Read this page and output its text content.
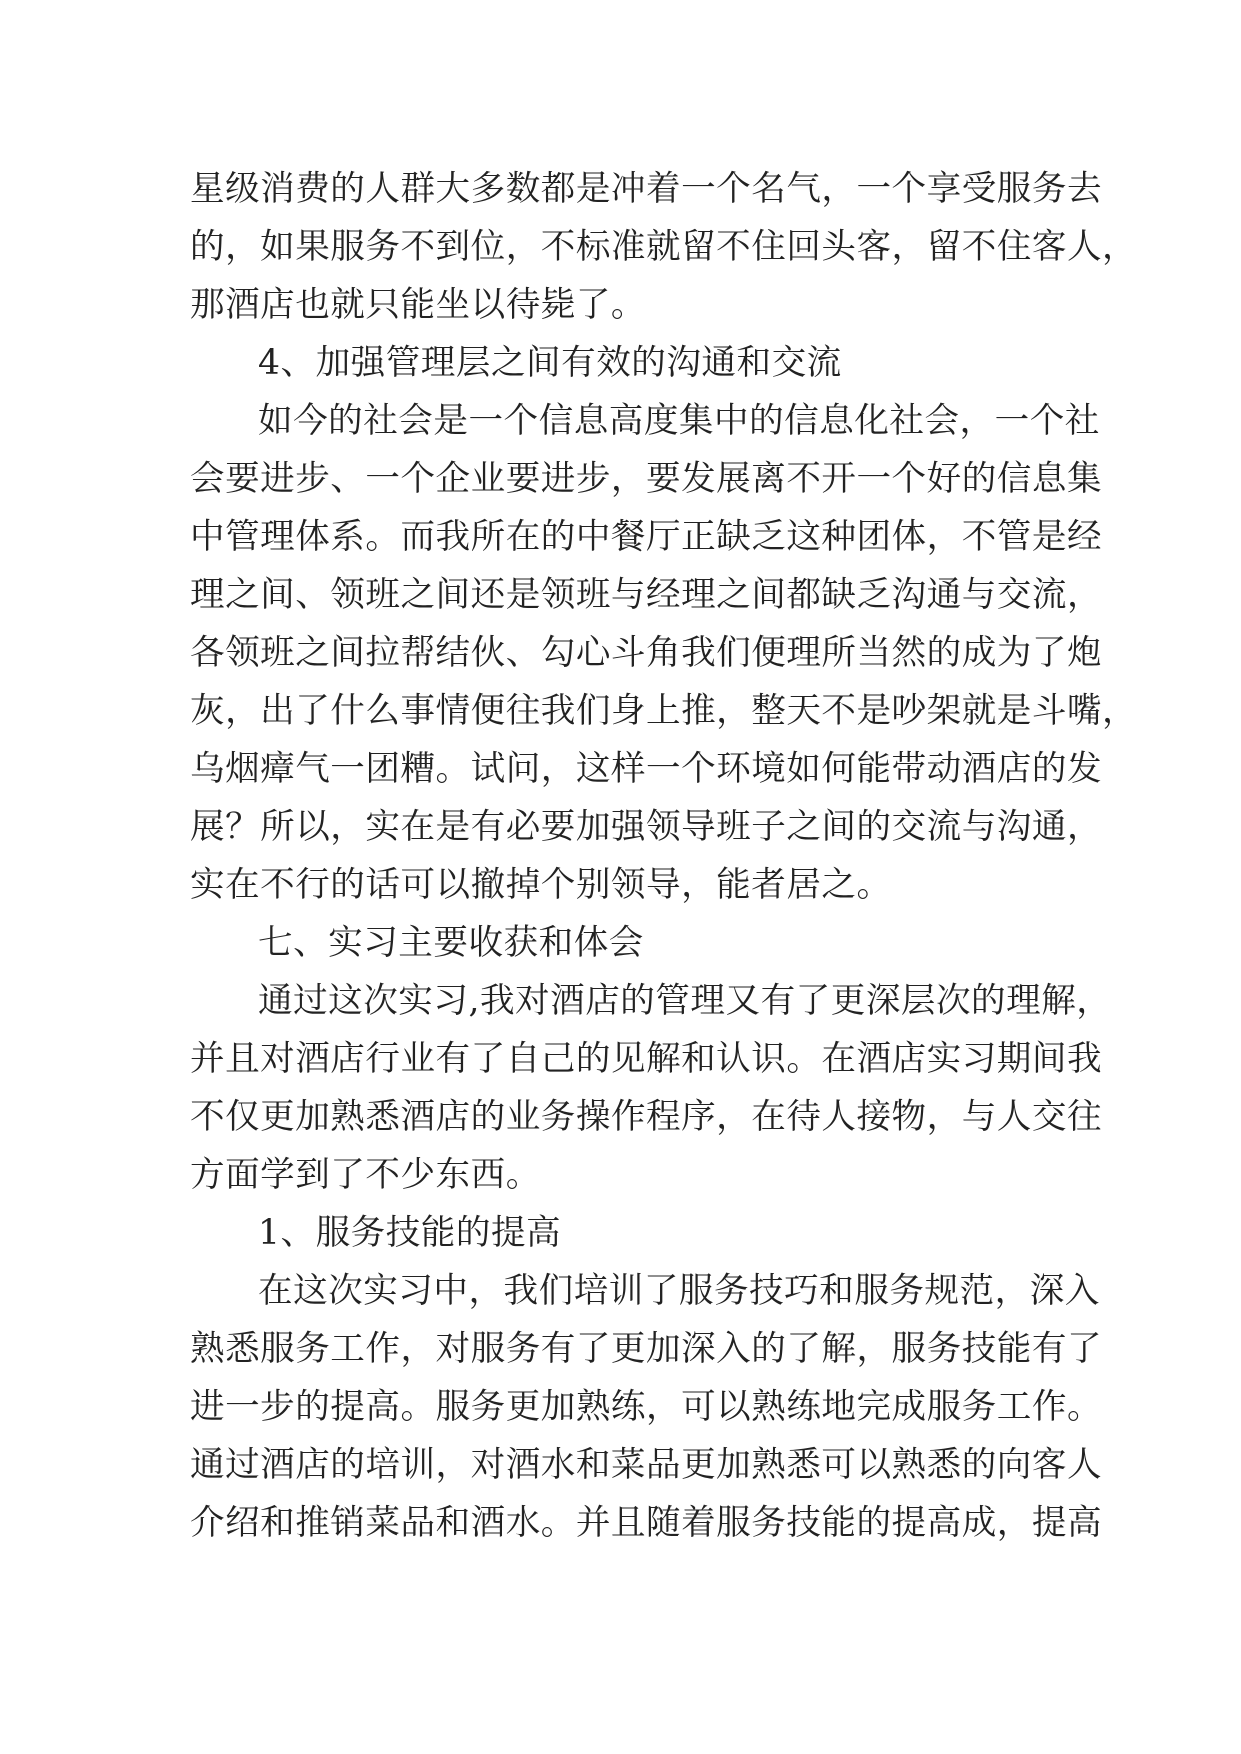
星级消费的人群大多数都是冲着一个名气，一个享受服务去
的，如果服务不到位，不标准就留不住回头客，留不住客人，
那酒店也就只能坐以待毙了。
4、加强管理层之间有效的沟通和交流
如今的社会是一个信息高度集中的信息化社会，一个社
会要进步、一个企业要进步，要发展离不开一个好的信息集
中管理体系。而我所在的中餐厅正缺乏这种团体，不管是经
理之间、领班之间还是领班与经理之间都缺乏沟通与交流，
各领班之间拉帮结伙、勾心斗角我们便理所当然的成为了炮
灰，出了什么事情便往我们身上推，整天不是吵架就是斗嘴，
乌烟瘴气一团糟。试问，这样一个环境如何能带动酒店的发
展？所以，实在是有必要加强领导班子之间的交流与沟通，
实在不行的话可以撤掉个别领导，能者居之。
七、实习主要收获和体会
通过这次实习,我对酒店的管理又有了更深层次的理解，
并且对酒店行业有了自己的见解和认识。在酒店实习期间我
不仅更加熟悉酒店的业务操作程序，在待人接物，与人交往
方面学到了不少东西。
1、服务技能的提高
在这次实习中，我们培训了服务技巧和服务规范，深入
熟悉服务工作，对服务有了更加深入的了解，服务技能有了
进一步的提高。服务更加熟练，可以熟练地完成服务工作。
通过酒店的培训，对酒水和菜品更加熟悉可以熟悉的向客人
介绍和推销菜品和酒水。并且随着服务技能的提高成，提高
